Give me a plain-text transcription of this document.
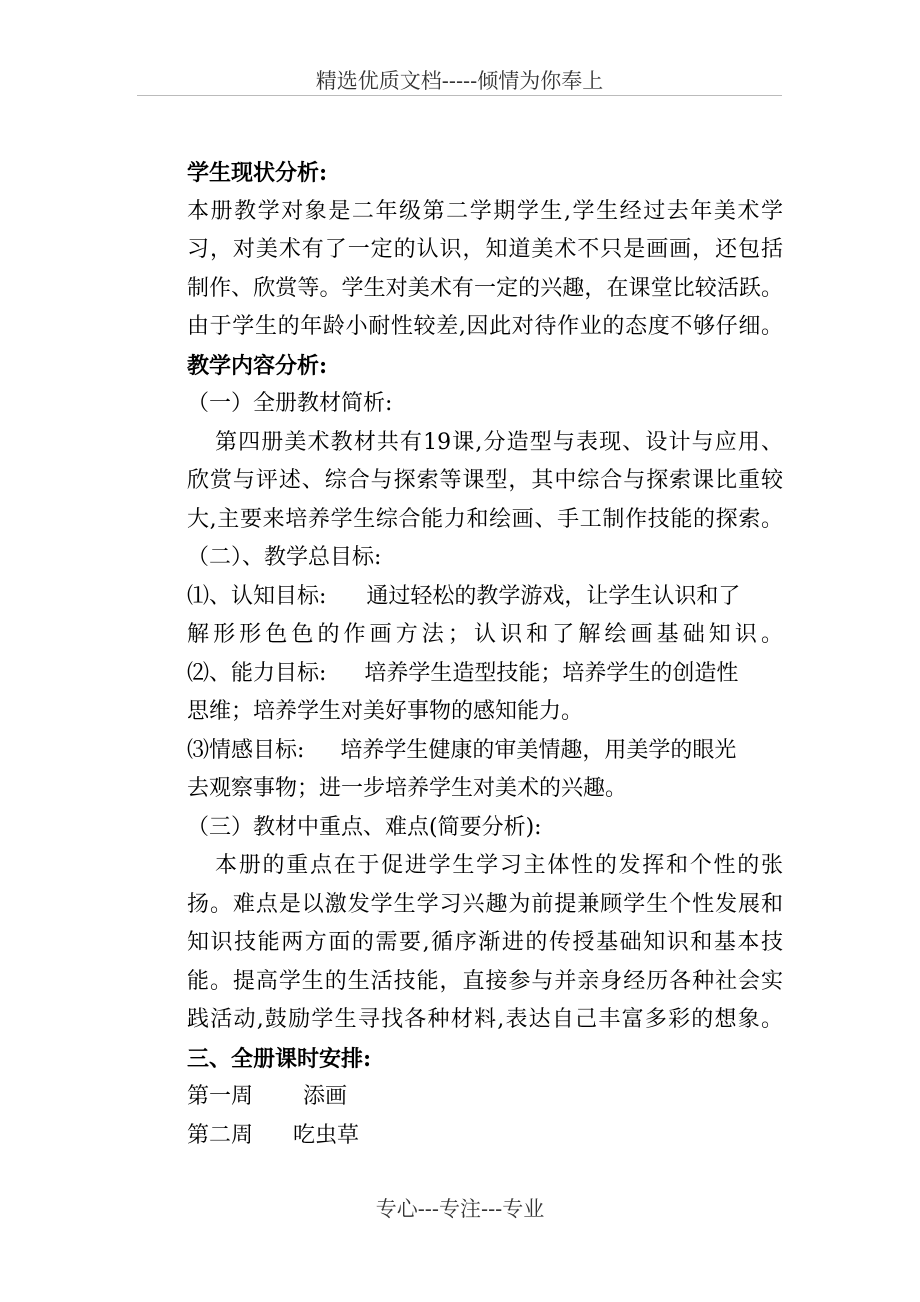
精选优质文档-----倾情为你奉上
学生现状分析:
本册教学对象是二年级第二学期学生,学生经过去年美术学
习，对美术有了一定的认识，知道美术不只是画画，还包括
制作、欣赏等。学生对美术有一定的兴趣，在课堂比较活跃。
由于学生的年龄小耐性较差,因此对待作业的态度不够仔细。
教学内容分析:
（一）全册教材简析:
第四册美术教材共有19课,分造型与表现、设计与应用、
欣赏与评述、综合与探索等课型，其中综合与探索课比重较
大,主要来培养学生综合能力和绘画、手工制作技能的探索。
（二）、教学总目标:
⑴、认知目标: 通过轻松的教学游戏，让学生认识和了
解形形色色的作画方法；认识和了解绘画基础知识。
⑵、能力目标: 培养学生造型技能；培养学生的创造性
思维；培养学生对美好事物的感知能力。
⑶情感目标: 培养学生健康的审美情趣，用美学的眼光
去观察事物；进一步培养学生对美术的兴趣。
（三）教材中重点、难点(简要分析):
本册的重点在于促进学生学习主体性的发挥和个性的张
扬。难点是以激发学生学习兴趣为前提兼顾学生个性发展和
知识技能两方面的需要,循序渐进的传授基础知识和基本技
能。提高学生的生活技能，直接参与并亲身经历各种社会实
践活动,鼓励学生寻找各种材料,表达自己丰富多彩的想象。
三、全册课时安排:
第一周 添画
第二周 吃虫草
专心---专注---专业
